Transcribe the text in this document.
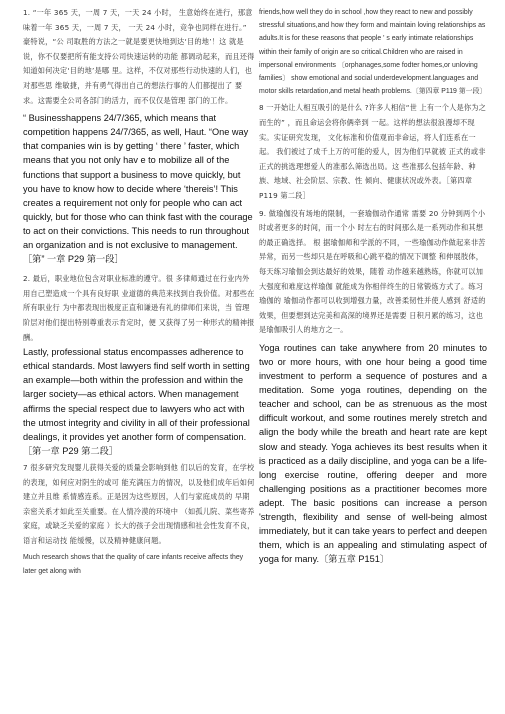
1. “一年 365 天，一周 7 天，一天 24 小时， 生意始终在进行，那意味着一年 365 天，一周 7 天， 一天 24 小时，竞争也同样在进行。” 豪特说，“公 司取胜的方法之一就是要更快地到达‘目的地’！这 就是说，你不仅要把所有能支持公司快速运转的功能 都调动起来，而且还得知道如何决定‘目的地’是哪 里。这样，不仅对那些行动快速的人们，也对那些思 维敏捷，并有勇气得出自己的想法行事的人们都提出了 要求。这需要全公司各部门的活力，而不仅仅是管理 部门的工作。

“ Businesshappens 24/7/365, which means that competition happens 24/7/365, as well, Haut. “One way that companies win is by getting ‘ there ’ faster, which means that you not only hav e to mobilize all of the functions that support a business to move quickly, but you have to know how to decide where ‘thereis’! This creates a requirement not only for people who can act quickly, but for those who can think fast with the courage to act on their convictions. This needs to run throughout an organization and is not exclusive to management. ［第” 一章 P29 第一段］

2. 最后，职业地位包含对职业标准的遵守。很 多律师通过在行业内外用自己塑造成一个具有良好职 业道德的典范来找到自我价值。对那些在所有职业行 为中都表现出极度正直和谦逊有礼的律师们来说，当 管理阶层对他们提出特别尊重表示肯定时，便 又获得了另一种形式的精神报酬。

Lastly, professional status encompasses adherence to ethical standards. Most lawyers find self worth in setting an example—both within the profession and within the larger society—as ethical actors. When management affirms the special respect due to lawyers who act with the utmost integrity and civility in all of their professional dealings, it provides yet another form of compensation.［第一章 P29 第二段］

7 很多研究发现婴儿获得关爱的质量会影响到他 们以后的发育，在学校的表现，如何应对阴生的或可 能充满压力的情况，以及他们成年后如何建立并且维 系情感连系。正是因为这些原因，人们与家庭成员的 早期亲密关系才如此至关重要。在人情冷漠的环境中 （如孤儿院、菜些寄养家庭，或缺乏关爱的家庭 ）长大的孩子会出现情感和社会性发育不良，语言和运动技 能缓慢，以及精神健康问题。

Much research shows that the quality of care infants receive affects they later get along with

friends,how well they do in school ,how they react to new and possibly stressful situations,and how they form and maintain loving relationships as adults.It is for these reasons that people ' s early intimate relationships within their family of origin are so critical.Children who are raised in impersonal environments 〔orphanages,some fodter homes,or unloving families〕 show emotional and social underdevelopment.languages and motor skills retardation,and metal heath problems.〔第四章 P119 第一段〕

8 一开始让人相互吸引的是什么 ?许多人相信“世 上有一个人是你为之而生的” ，而且命运会将你俩牵到 一起。这样的想法很浪漫却不现实。实证研究发现， 文化标准和价值观而非命运，将人们连系在一起。 我们被过了成千上万的可能的爱人，因为他们早就被 正式的或非正式的挑选理想爱人的准那么筛选出局。这 些准那么包括年龄、种族、地域、社会阶层、宗教、性 倾向、健康状况或外表。［第四章 P119 第二段］

9. 做瑜伽没有场地的限制，一套瑜伽动作通常 需要 20 分钟到两个小时或者更多的时间，而一个小 时左右的时间那么是一系列动作和其想的最正确选择。 根 据瑜伽师和学派的不同，一些瑜伽动作做起来非苦异常，而另一些却只是在呼吸和心跳平稳的情况下调整 和伸展肢体，每天练习瑜伽会到达最好的效果，随着 动作越来越熟练，你就可以加大强度和难度这样瑜伽 就能成为你相伴终生的日常锻炼方式了。练习瑜伽的 瑜伽动作都可以收到增强力量，改善柔韧性并使人感到 舒适的效果，但要想到达完美和高深的境界还是需要 日积月累的练习，这也是瑜伽吸引人的地方之一。

Yoga routines can take anywhere from 20 minutes to two or more hours, with one hour being a good time investment to perform a sequence of postures and a meditation. Some yoga routines, depending on the teacher and school, can be as strenuous as the most difficult workout, and some routines merely stretch and align the body while the breath and heart rate are kept slow and steady. Yoga achieves its best results when it is practiced as a daily discipline, and yoga can be a life-long exercise routine, offering deeper and more challenging positions as a practitioner becomes more adept. The basic positions can increase a person 'strength, flexibility and sense of well-being almost immediately, but it can take years to perfect and deepen them, which is an appealing and stimulating aspect of yoga for many.〔第五章 P151〕
